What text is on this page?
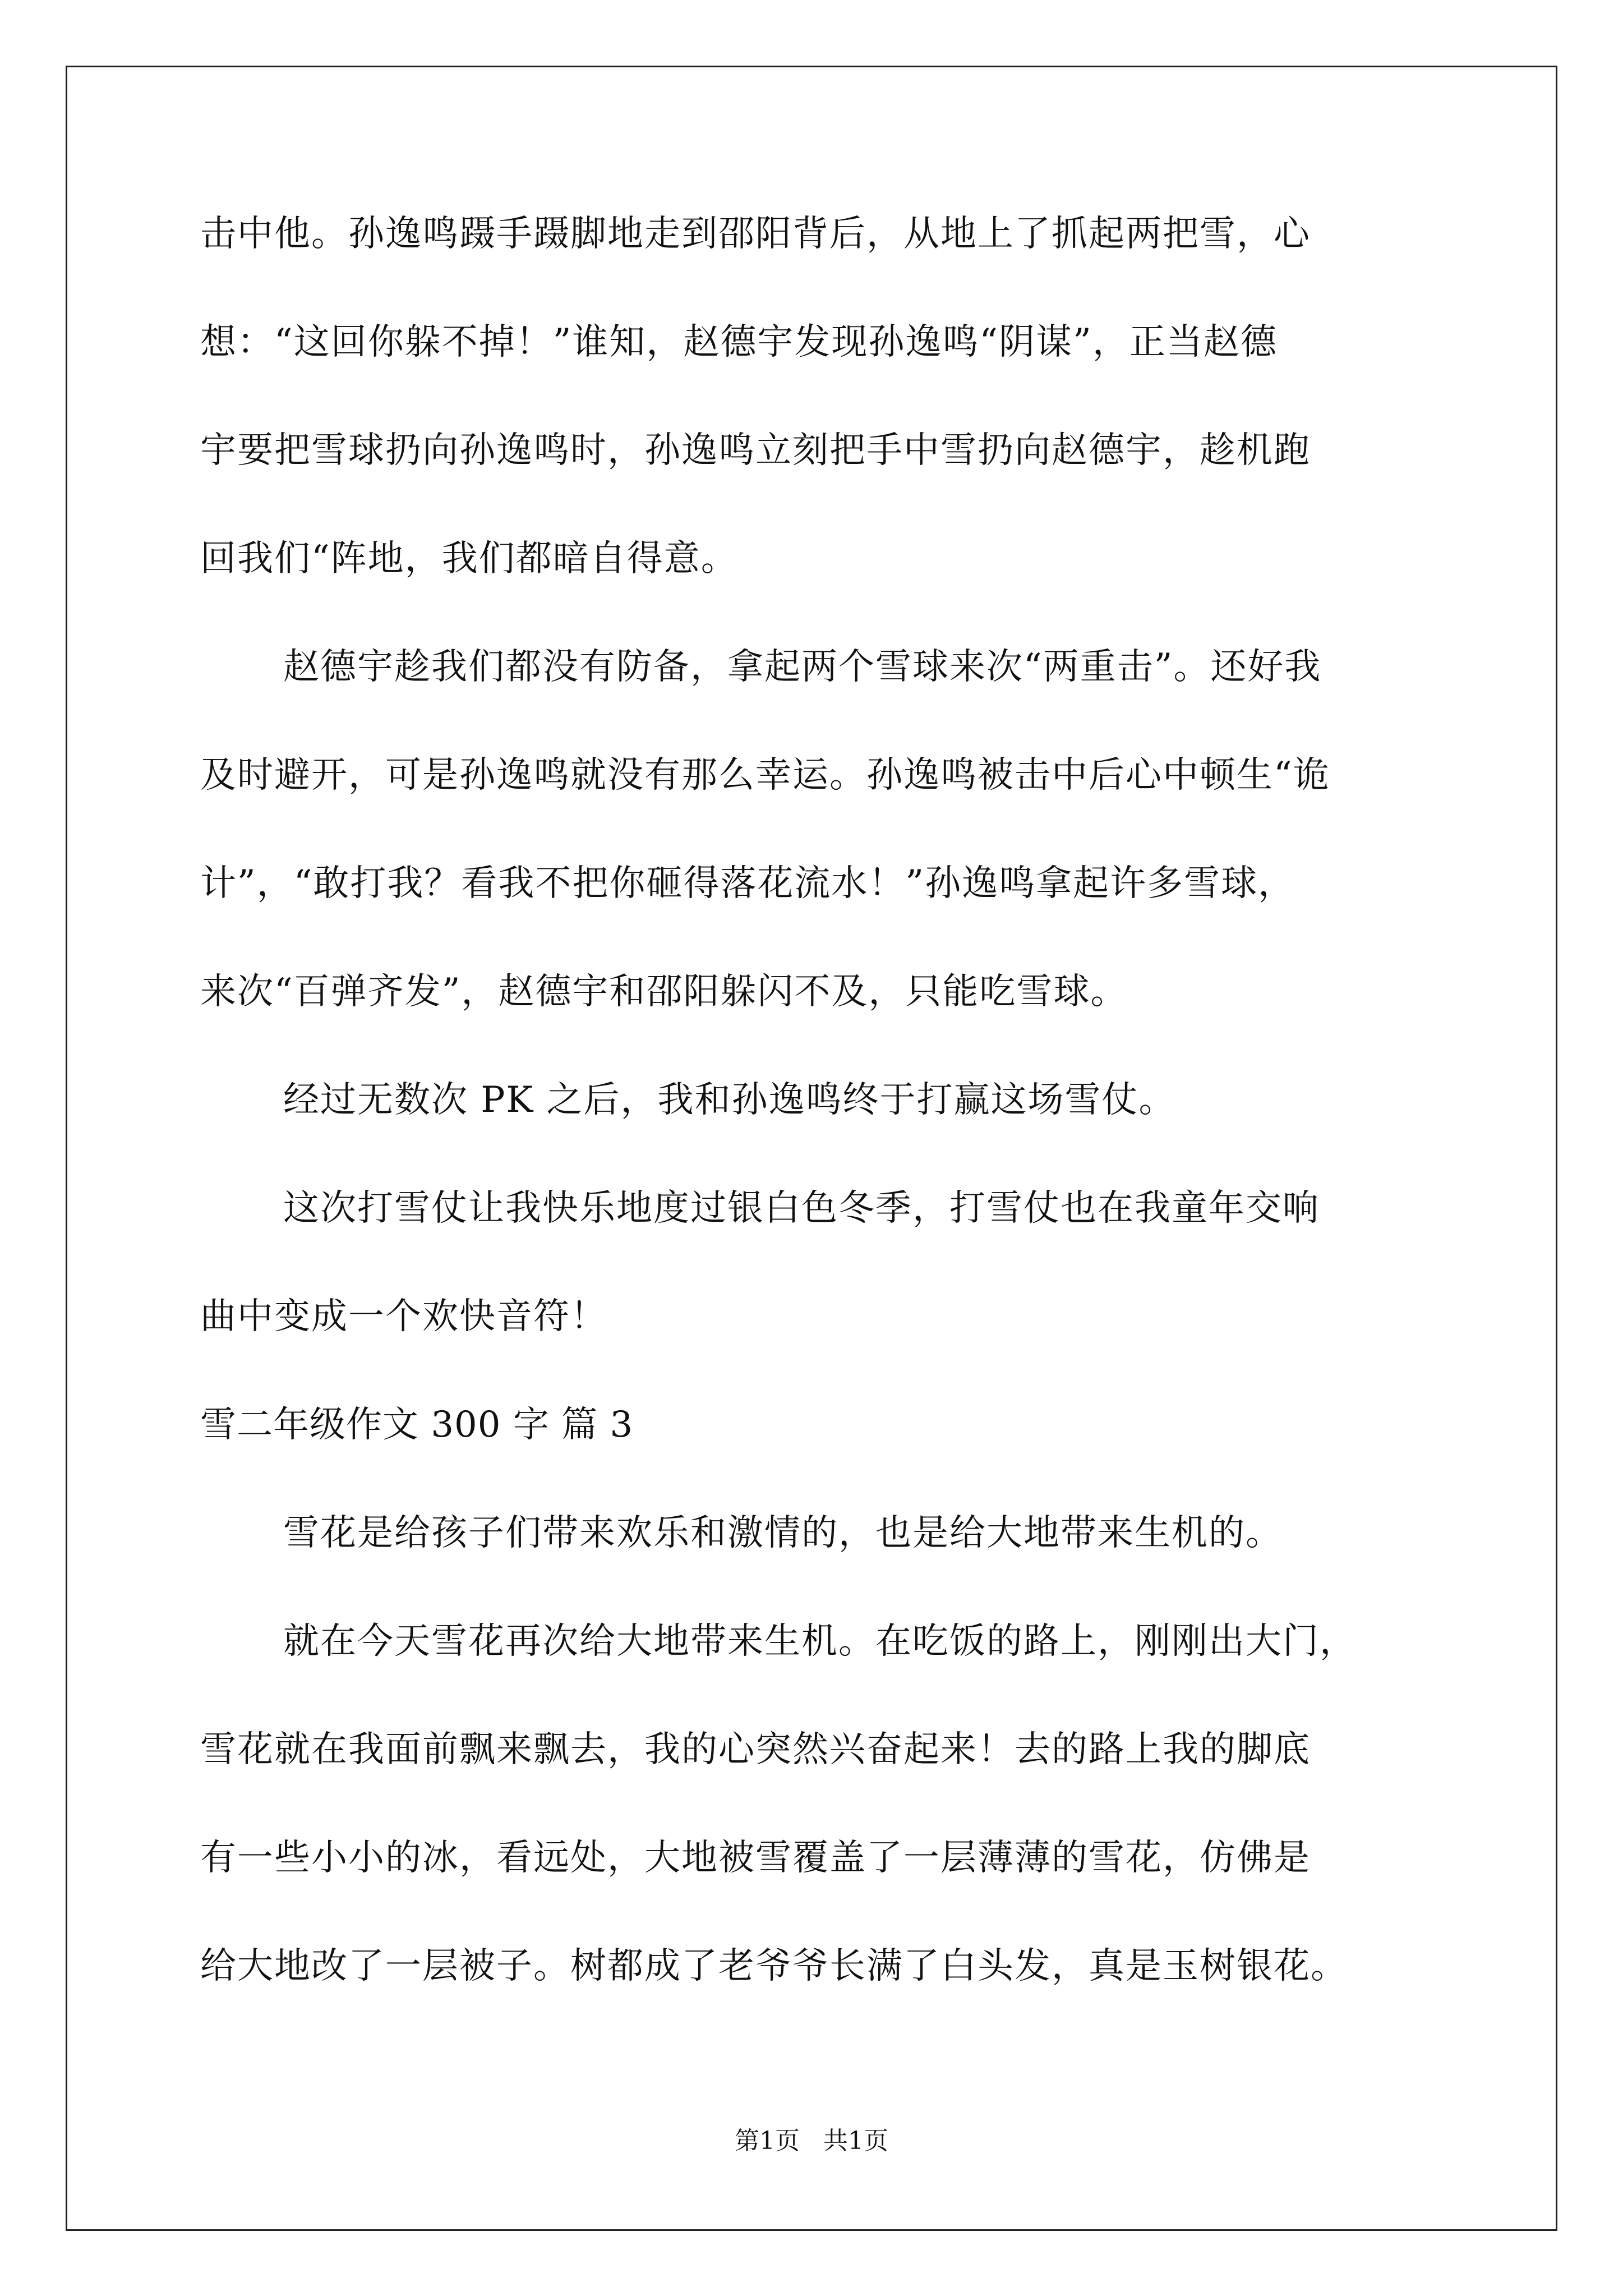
击中他。孙逸鸣蹑手蹑脚地走到邵阳背后，从地上了抓起两把雪，心
想：“这回你躲不掉！”谁知，赵德宇发现孙逸鸣“阴谋”，正当赵德
宇要把雪球扔向孙逸鸣时，孙逸鸣立刻把手中雪扔向赵德宇，趁机跑
回我们“阵地，我们都暗自得意。
赵德宇趁我们都没有防备，拿起两个雪球来次“两重击”。还好我
及时避开，可是孙逸鸣就没有那么幸运。孙逸鸣被击中后心中顿生“诡
计”，“敢打我？看我不把你砸得落花流水！”孙逸鸣拿起许多雪球，
来次“百弹齐发”，赵德宇和邵阳躲闪不及，只能吃雪球。
经过无数次 PK 之后，我和孙逸鸣终于打赢这场雪仗。
这次打雪仗让我快乐地度过银白色冬季，打雪仗也在我童年交响
曲中变成一个欢快音符！
雪二年级作文 300 字 篇 3
雪花是给孩子们带来欢乐和激情的，也是给大地带来生机的。
就在今天雪花再次给大地带来生机。在吃饭的路上，刚刚出大门，
雪花就在我面前飘来飘去，我的心突然兴奋起来！去的路上我的脚底
有一些小小的冰，看远处，大地被雪覆盖了一层薄薄的雪花，仿佛是
给大地改了一层被子。树都成了老爷爷长满了白头发，真是玉树银花。
第1页   共1页
